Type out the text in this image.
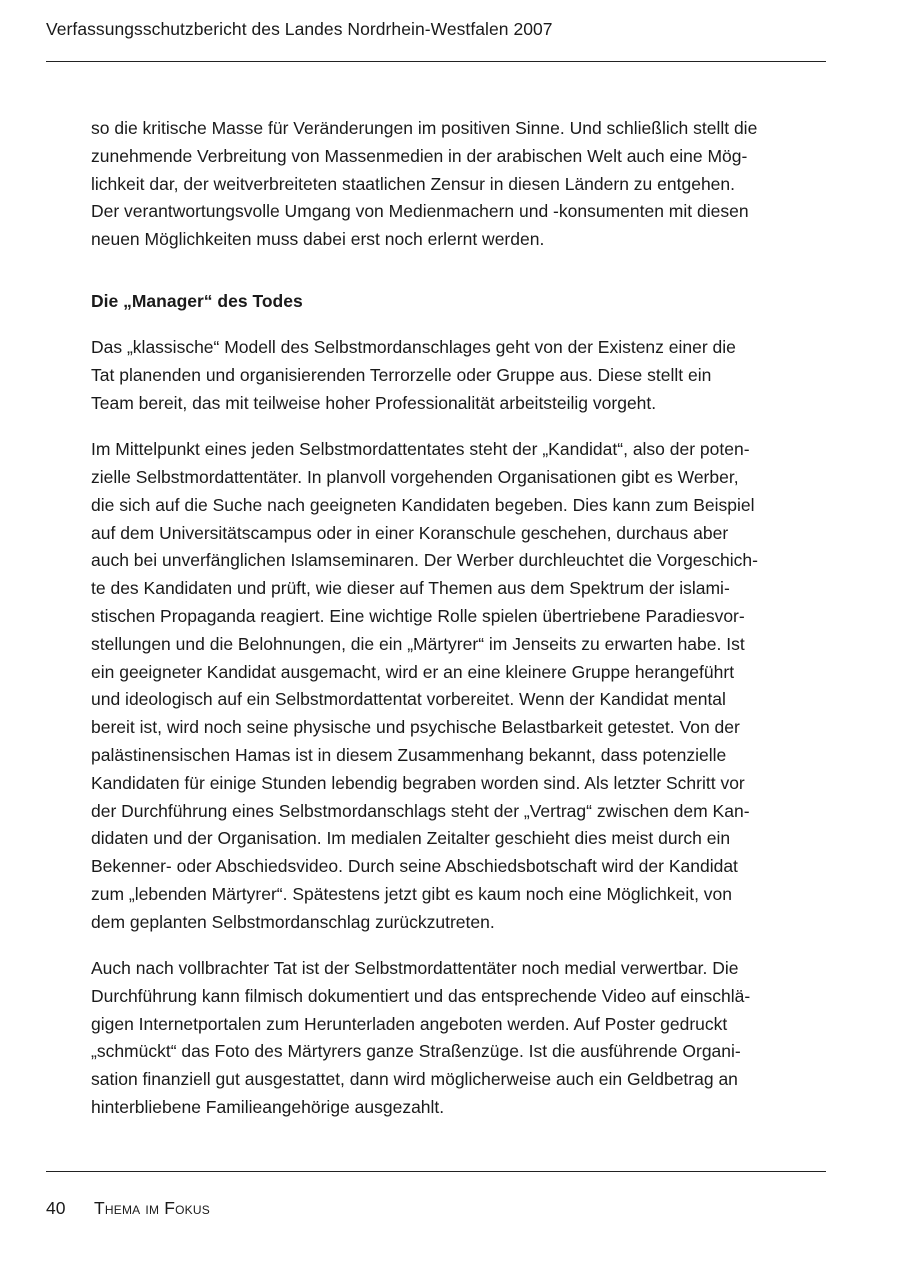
Verfassungsschutzbericht des Landes Nordrhein-Westfalen 2007

so die kritische Masse für Veränderungen im positiven Sinne. Und schließlich stellt die
zunehmende Verbreitung von Massenmedien in der arabischen Welt auch eine Mög-
lichkeit dar, der weitverbreiteten staatlichen Zensur in diesen Ländern zu entgehen.
Der verantwortungsvolle Umgang von Medienmachern und -konsumenten mit diesen
neuen Möglichkeiten muss dabei erst noch erlernt werden.

Die „Manager“ des Todes

Das „klassische“ Modell des Selbstmordanschlages geht von der Existenz einer die
Tat planenden und organisierenden Terrorzelle oder Gruppe aus. Diese stellt ein
Team bereit, das mit teilweise hoher Professionalität arbeitsteilig vorgeht.

Im Mittelpunkt eines jeden Selbstmordattentates steht der „Kandidat“, also der poten-
zielle Selbstmordattentäter. In planvoll vorgehenden Organisationen gibt es Werber,
die sich auf die Suche nach geeigneten Kandidaten begeben. Dies kann zum Beispiel
auf dem Universitätscampus oder in einer Koranschule geschehen, durchaus aber
auch bei unverfänglichen Islamseminaren. Der Werber durchleuchtet die Vorgeschich-
te des Kandidaten und prüft, wie dieser auf Themen aus dem Spektrum der islami-
stischen Propaganda reagiert. Eine wichtige Rolle spielen übertriebene Paradiesvor-
stellungen und die Belohnungen, die ein „Märtyrer“ im Jenseits zu erwarten habe. Ist
ein geeigneter Kandidat ausgemacht, wird er an eine kleinere Gruppe herangeführt
und ideologisch auf ein Selbstmordattentat vorbereitet. Wenn der Kandidat mental
bereit ist, wird noch seine physische und psychische Belastbarkeit getestet. Von der
palästinensischen Hamas ist in diesem Zusammenhang bekannt, dass potenzielle
Kandidaten für einige Stunden lebendig begraben worden sind. Als letzter Schritt vor
der Durchführung eines Selbstmordanschlags steht der „Vertrag“ zwischen dem Kan-
didaten und der Organisation. Im medialen Zeitalter geschieht dies meist durch ein
Bekenner- oder Abschiedsvideo. Durch seine Abschiedsbotschaft wird der Kandidat
zum „lebenden Märtyrer“. Spätestens jetzt gibt es kaum noch eine Möglichkeit, von
dem geplanten Selbstmordanschlag zurückzutreten.

Auch nach vollbrachter Tat ist der Selbstmordattentäter noch medial verwertbar. Die
Durchführung kann filmisch dokumentiert und das entsprechende Video auf einschlä-
gigen Internetportalen zum Herunterladen angeboten werden. Auf Poster gedruckt
„schmückt“ das Foto des Märtyrers ganze Straßenzüge. Ist die ausführende Organi-
sation finanziell gut ausgestattet, dann wird möglicherweise auch ein Geldbetrag an
hinterbliebene Familieangehörige ausgezahlt.

40 Thema im Fokus
